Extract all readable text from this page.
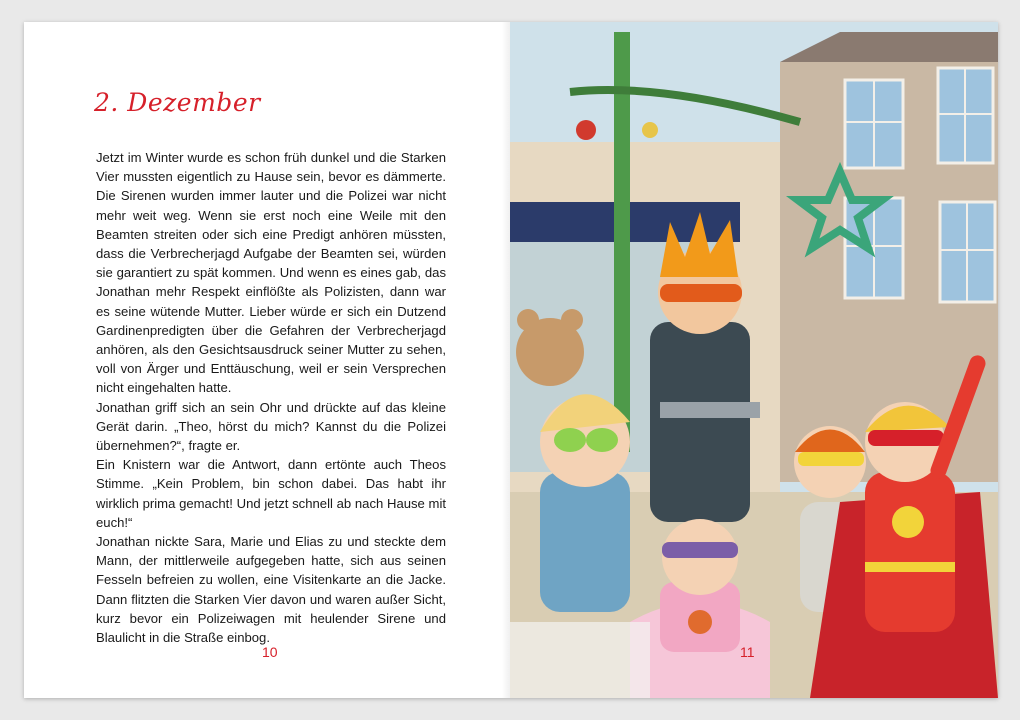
2. Dezember

Jetzt im Winter wurde es schon früh dunkel und die Starken Vier mussten eigentlich zu Hause sein, bevor es dämmerte. Die Sirenen wurden immer lauter und die Polizei war nicht mehr weit weg. Wenn sie erst noch eine Weile mit den Beamten streiten oder sich eine Predigt anhören müssten, dass die Verbrecherjagd Aufgabe der Beamten sei, würden sie garantiert zu spät kommen. Und wenn es eines gab, das Jonathan mehr Respekt einflößte als Polizisten, dann war es seine wütende Mutter. Lieber würde er sich ein Dutzend Gardinenpredigten über die Gefahren der Verbrecherjagd anhören, als den Gesichtsausdruck seiner Mutter zu sehen, voll von Ärger und Enttäuschung, weil er sein Versprechen nicht eingehalten hatte.

Jonathan griff sich an sein Ohr und drückte auf das kleine Gerät darin. „Theo, hörst du mich? Kannst du die Polizei übernehmen?“, fragte er.

Ein Knistern war die Antwort, dann ertönte auch Theos Stimme. „Kein Problem, bin schon dabei. Das habt ihr wirklich prima gemacht! Und jetzt schnell ab nach Hause mit euch!“

Jonathan nickte Sara, Marie und Elias zu und steckte dem Mann, der mittlerweile aufgegeben hatte, sich aus seinen Fesseln befreien zu wollen, eine Visitenkarte an die Jacke. Dann flitzten die Starken Vier davon und waren außer Sicht, kurz bevor ein Polizeiwagen mit heulender Sirene und Blaulicht in die Straße einbog.

10	11
